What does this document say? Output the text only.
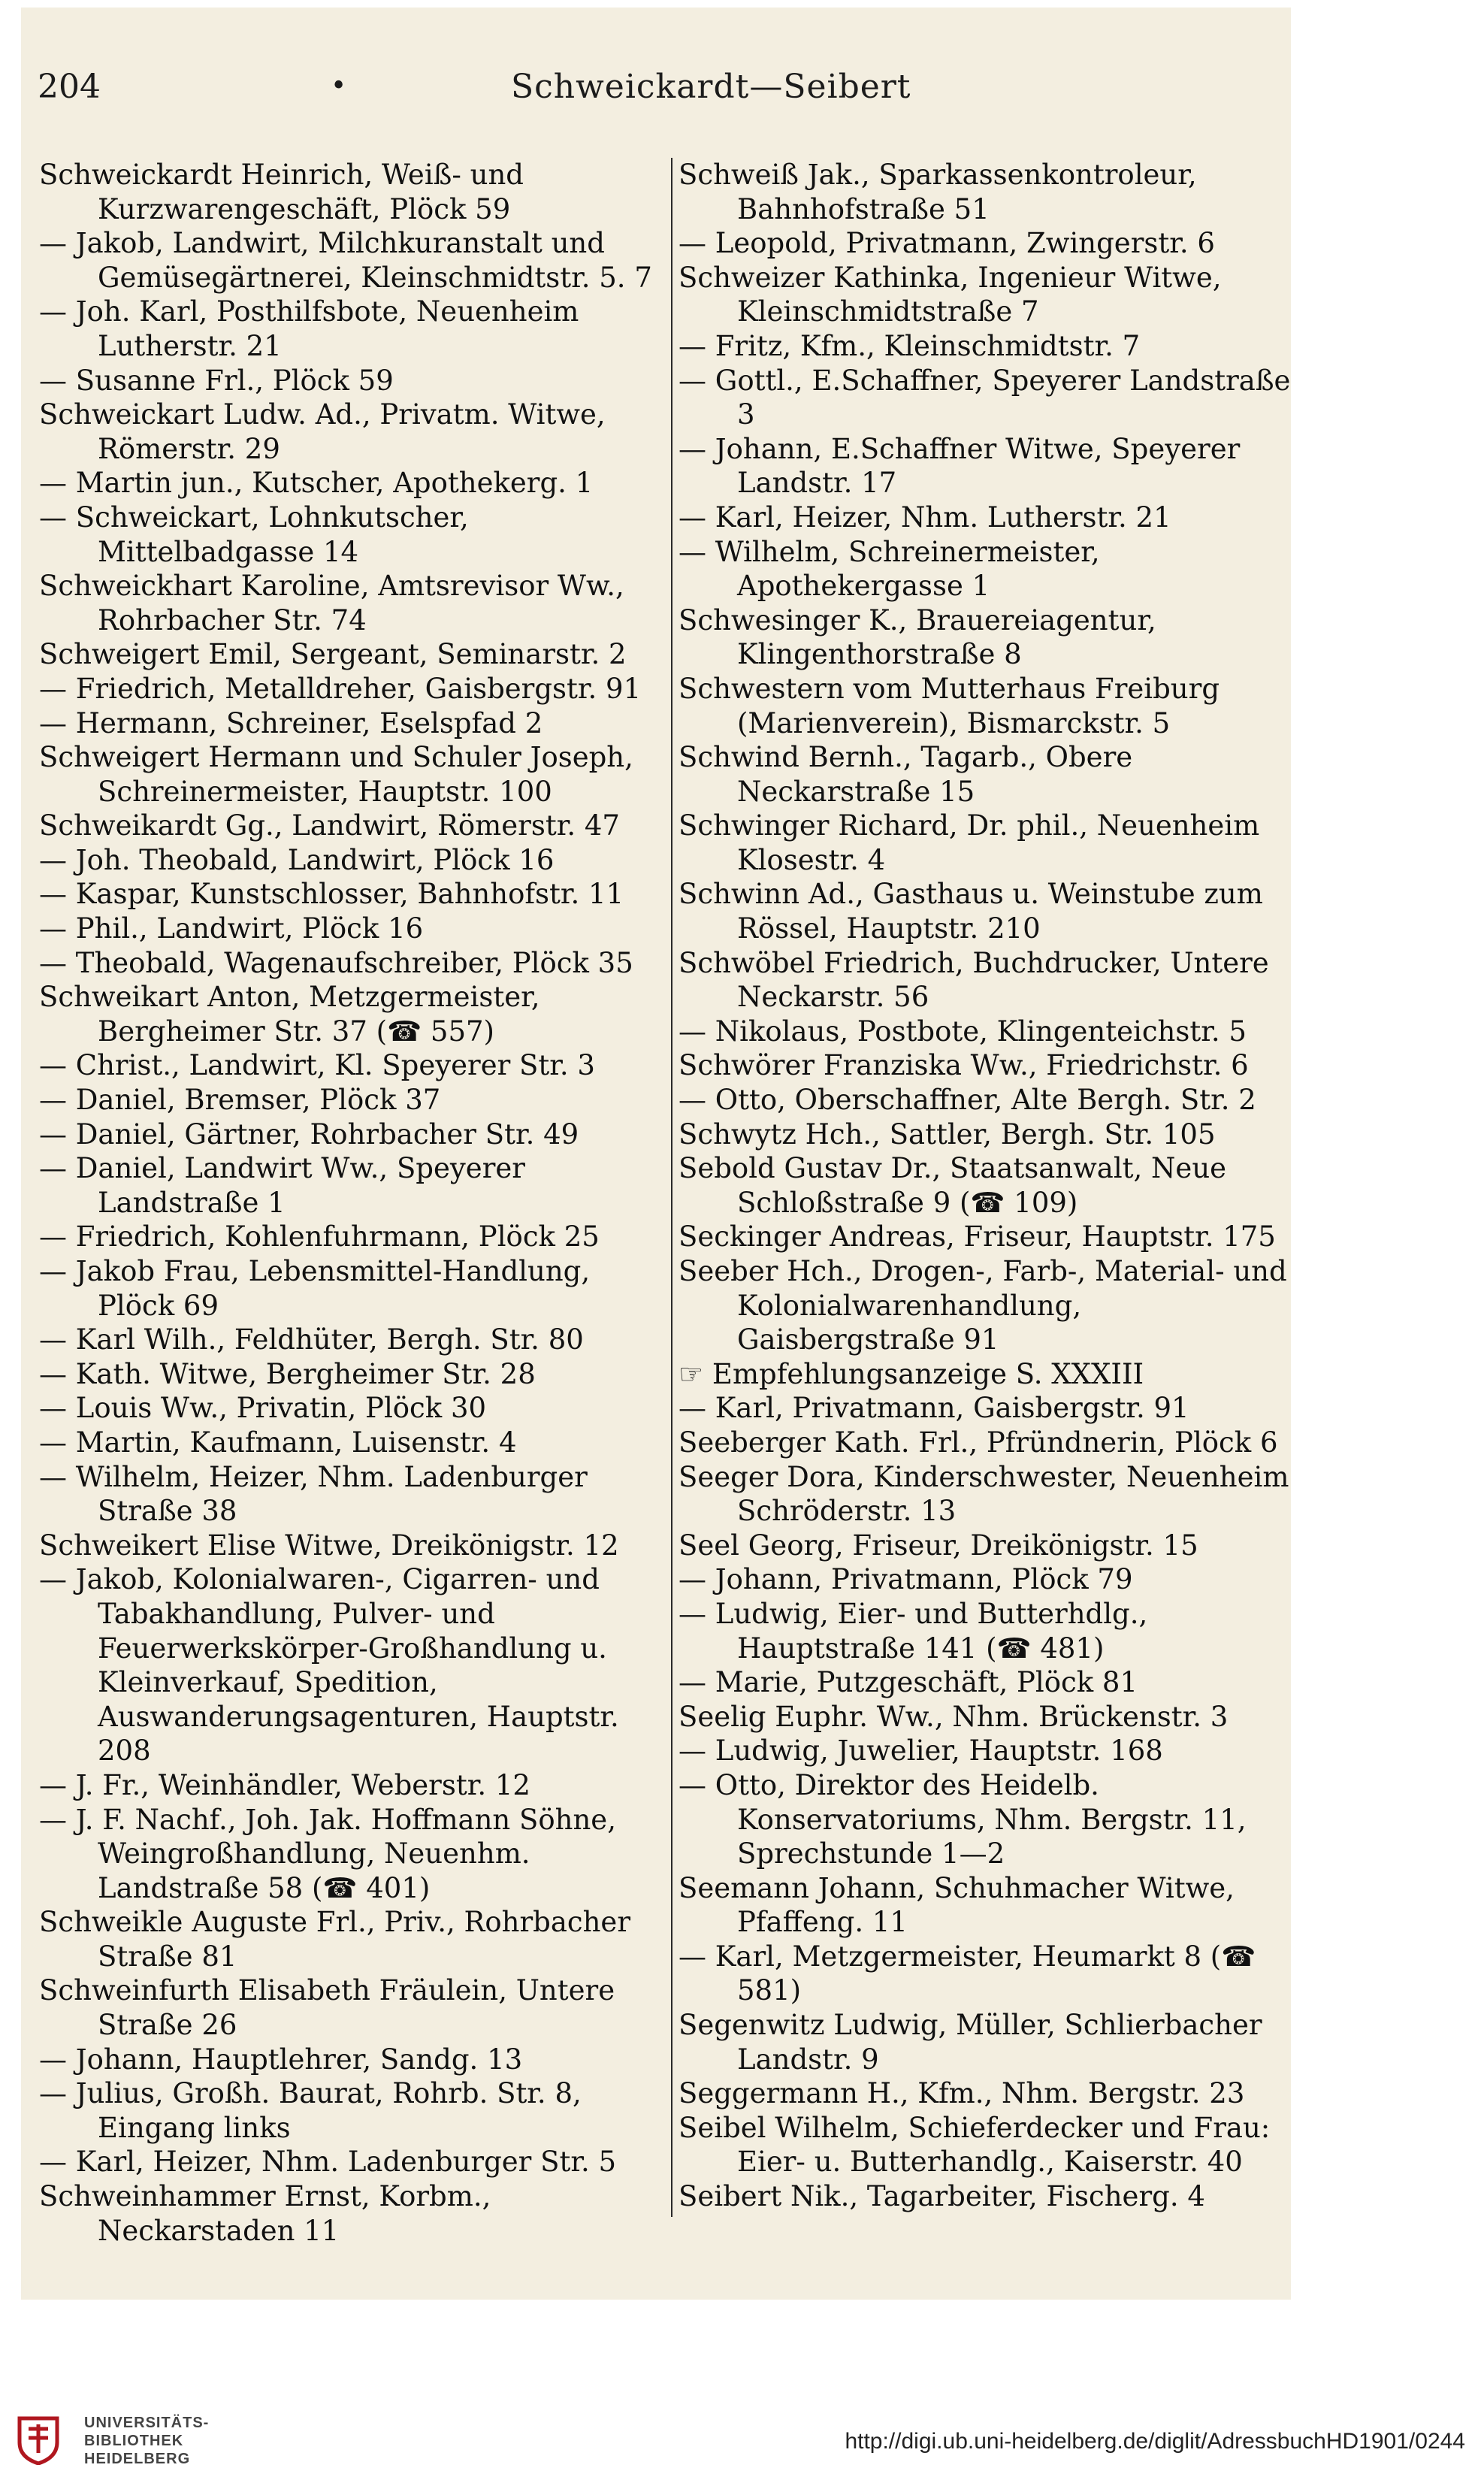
204	•	Schweickardt—Seibert

Schweickardt Heinrich, Weiß- und Kurzwarengeschäft, Plöck 59

— Jakob, Landwirt, Milchkuranstalt und Gemüsegärtnerei, Kleinschmidtstr. 5. 7

— Joh. Karl, Posthilfsbote, Neuenheim Lutherstr. 21

— Susanne Frl., Plöck 59

Schweickart Ludw. Ad., Privatm. Witwe, Römerstr. 29

— Martin jun., Kutscher, Apothekerg. 1

— Schweickart, Lohnkutscher, Mittelbadgasse 14

Schweickhart Karoline, Amtsrevisor Ww., Rohrbacher Str. 74

Schweigert Emil, Sergeant, Seminarstr. 2

— Friedrich, Metalldreher, Gaisbergstr. 91

— Hermann, Schreiner, Eselspfad 2

Schweigert Hermann und Schuler Joseph, Schreinermeister, Hauptstr. 100

Schweikardt Gg., Landwirt, Römerstr. 47

— Joh. Theobald, Landwirt, Plöck 16

— Kaspar, Kunstschlosser, Bahnhofstr. 11

— Phil., Landwirt, Plöck 16

— Theobald, Wagenaufschreiber, Plöck 35

Schweikart Anton, Metzgermeister, Bergheimer Str. 37 (☎ 557)

— Christ., Landwirt, Kl. Speyerer Str. 3

— Daniel, Bremser, Plöck 37

— Daniel, Gärtner, Rohrbacher Str. 49

— Daniel, Landwirt Ww., Speyerer Landstraße 1

— Friedrich, Kohlenfuhrmann, Plöck 25

— Jakob Frau, Lebensmittel-Handlung, Plöck 69

— Karl Wilh., Feldhüter, Bergh. Str. 80

— Kath. Witwe, Bergheimer Str. 28

— Louis Ww., Privatin, Plöck 30

— Martin, Kaufmann, Luisenstr. 4

— Wilhelm, Heizer, Nhm. Ladenburger Straße 38

Schweikert Elise Witwe, Dreikönigstr. 12

— Jakob, Kolonialwaren-, Cigarren- und Tabakhandlung, Pulver- und Feuerwerkskörper-Großhandlung u. Kleinverkauf, Spedition, Auswanderungsagenturen, Hauptstr. 208

— J. Fr., Weinhändler, Weberstr. 12

— J. F. Nachf., Joh. Jak. Hoffmann Söhne, Weingroßhandlung, Neuenhm. Landstraße 58 (☎ 401)

Schweikle Auguste Frl., Priv., Rohrbacher Straße 81

Schweinfurth Elisabeth Fräulein, Untere Straße 26

— Johann, Hauptlehrer, Sandg. 13

— Julius, Großh. Baurat, Rohrb. Str. 8, Eingang links

— Karl, Heizer, Nhm. Ladenburger Str. 5

Schweinhammer Ernst, Korbm., Neckarstaden 11

Schweiß Jak., Sparkassenkontroleur, Bahnhofstraße 51

— Leopold, Privatmann, Zwingerstr. 6

Schweizer Kathinka, Ingenieur Witwe, Kleinschmidtstraße 7

— Fritz, Kfm., Kleinschmidtstr. 7

— Gottl., E.Schaffner, Speyerer Landstraße 3

— Johann, E.Schaffner Witwe, Speyerer Landstr. 17

— Karl, Heizer, Nhm. Lutherstr. 21

— Wilhelm, Schreinermeister, Apothekergasse 1

Schwesinger K., Brauereiagentur, Klingenthorstraße 8

Schwestern vom Mutterhaus Freiburg (Marienverein), Bismarckstr. 5

Schwind Bernh., Tagarb., Obere Neckarstraße 15

Schwinger Richard, Dr. phil., Neuenheim Klosestr. 4

Schwinn Ad., Gasthaus u. Weinstube zum Rössel, Hauptstr. 210

Schwöbel Friedrich, Buchdrucker, Untere Neckarstr. 56

— Nikolaus, Postbote, Klingenteichstr. 5

Schwörer Franziska Ww., Friedrichstr. 6

— Otto, Oberschaffner, Alte Bergh. Str. 2

Schwytz Hch., Sattler, Bergh. Str. 105

Sebold Gustav Dr., Staatsanwalt, Neue Schloßstraße 9 (☎ 109)

Seckinger Andreas, Friseur, Hauptstr. 175

Seeber Hch., Drogen-, Farb-, Material- und Kolonialwarenhandlung, Gaisbergstraße 91

☞ Empfehlungsanzeige S. XXXIII

— Karl, Privatmann, Gaisbergstr. 91

Seeberger Kath. Frl., Pfründnerin, Plöck 6

Seeger Dora, Kinderschwester, Neuenheim Schröderstr. 13

Seel Georg, Friseur, Dreikönigstr. 15

— Johann, Privatmann, Plöck 79

— Ludwig, Eier- und Butterhdlg., Hauptstraße 141 (☎ 481)

— Marie, Putzgeschäft, Plöck 81

Seelig Euphr. Ww., Nhm. Brückenstr. 3

— Ludwig, Juwelier, Hauptstr. 168

— Otto, Direktor des Heidelb. Konservatoriums, Nhm. Bergstr. 11, Sprechstunde 1—2

Seemann Johann, Schuhmacher Witwe, Pfaffeng. 11

— Karl, Metzgermeister, Heumarkt 8 (☎ 581)

Segenwitz Ludwig, Müller, Schlierbacher Landstr. 9

Seggermann H., Kfm., Nhm. Bergstr. 23

Seibel Wilhelm, Schieferdecker und Frau: Eier- u. Butterhandlg., Kaiserstr. 40

Seibert Nik., Tagarbeiter, Fischerg. 4

UNIVERSITÄTS-
BIBLIOTHEK
HEIDELBERG
http://digi.ub.uni-heidelberg.de/diglit/AdressbuchHD1901/0244
